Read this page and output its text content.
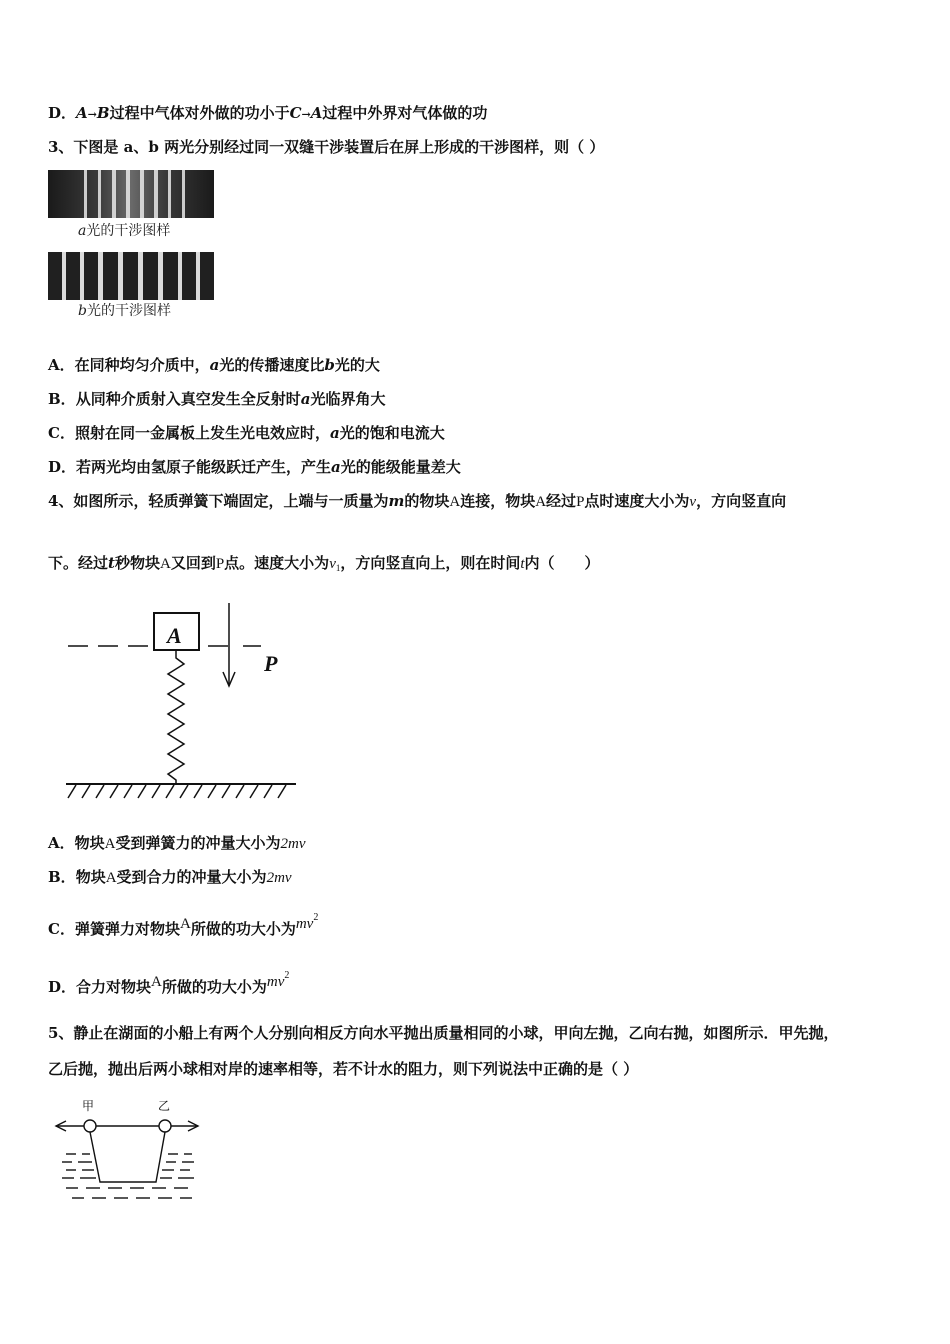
D．A→B过程中气体对外做的功小于C→A过程中外界对气体做的功
3、下图是 a、b 两光分别经过同一双缝干涉装置后在屏上形成的干涉图样，则（ ）
a光的干涉图样
b光的干涉图样
A．在同种均匀介质中，a光的传播速度比b光的大
B．从同种介质射入真空发生全反射时a光临界角大
C．照射在同一金属板上发生光电效应时，a光的饱和电流大
D．若两光均由氢原子能级跃迁产生，产生a光的能级能量差大
4、如图所示，轻质弹簧下端固定，上端与一质量为m的物块A连接，物块A经过P点时速度大小为v，方向竖直向
下。经过t秒物块A又回到P点。速度大小为$v_1$，方向竖直向上，则在时间t内（　　）
A
P
A．物块A受到弹簧力的冲量大小为2mv
B．物块A受到合力的冲量大小为2mv
C．弹簧弹力对物块A所做的功大小为$mv^2$
D．合力对物块A所做的功大小为$mv^2$
5、静止在湖面的小船上有两个人分别向相反方向水平抛出质量相同的小球，甲向左抛，乙向右抛，如图所示．甲先抛，
乙后抛，抛出后两小球相对岸的速率相等，若不计水的阻力，则下列说法中正确的是（ ）
甲	乙
